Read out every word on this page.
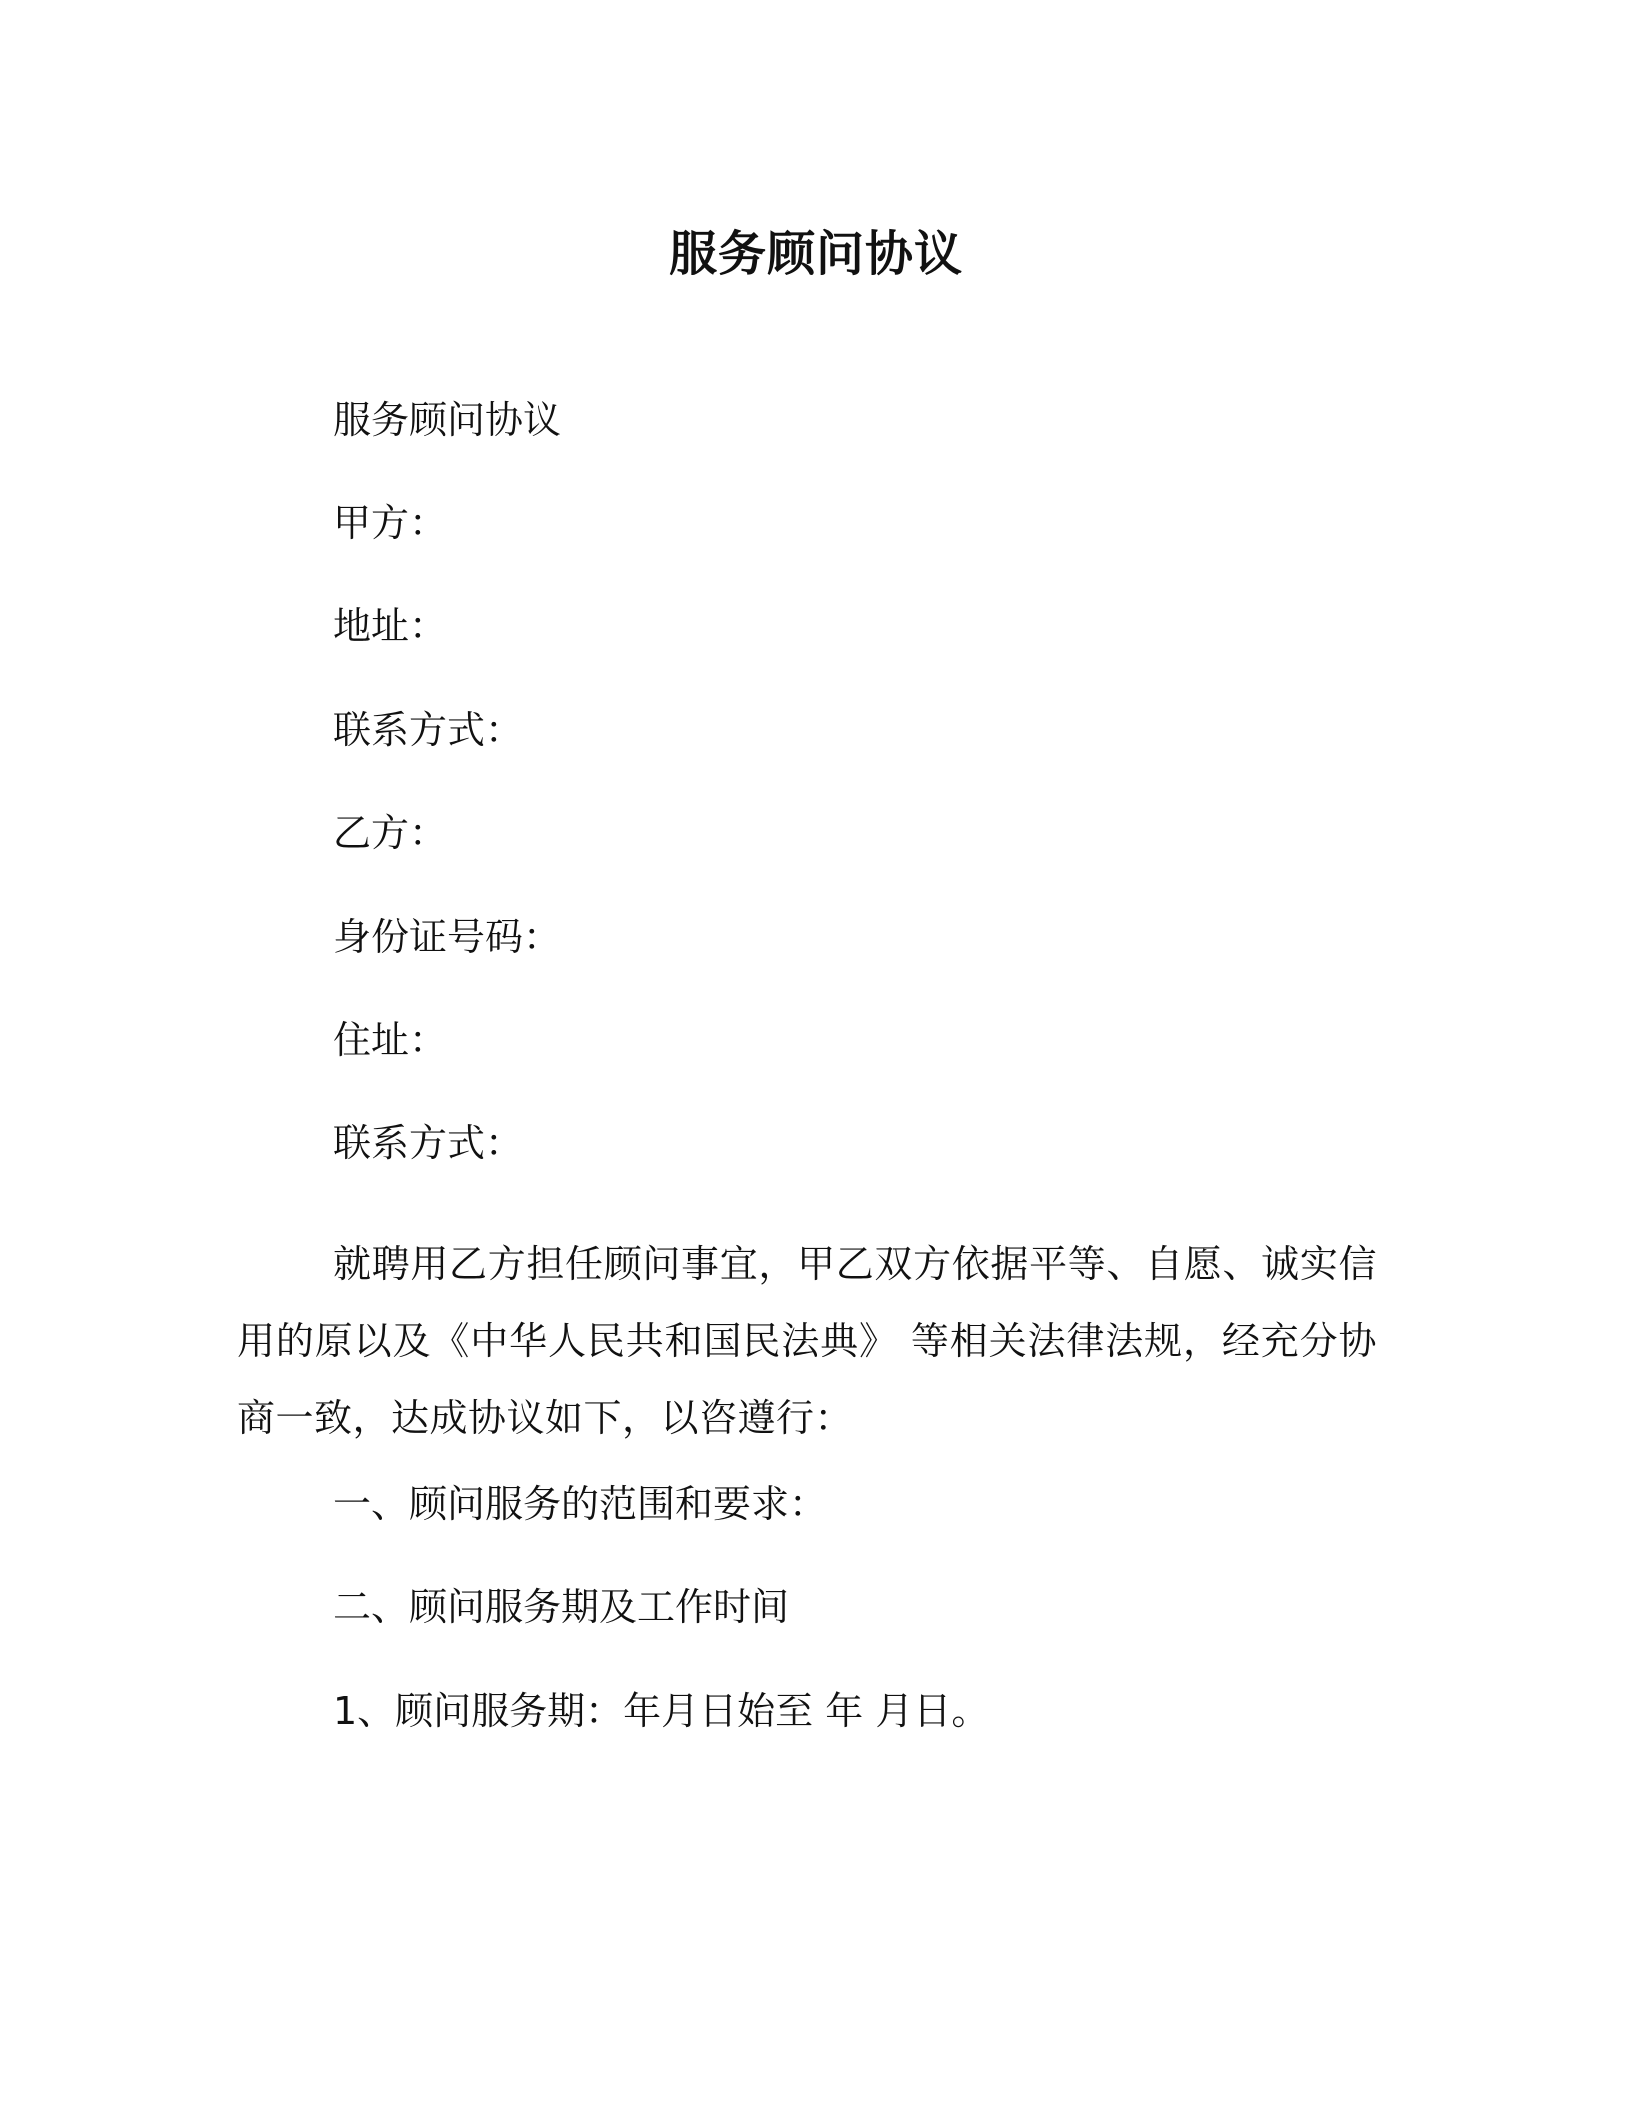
服务顾问协议
服务顾问协议
甲方：
地址：
联系方式：
乙方：
身份证号码：
住址：
联系方式：
就聘用乙方担任顾问事宜，甲乙双方依据平等、自愿、诚实信用的原以及《中华人民共和国民法典》 等相关法律法规，经充分协商一致，达成协议如下，以咨遵行：
一、顾问服务的范围和要求：
二、顾问服务期及工作时间
1、顾问服务期：年月日始至 年 月日。
